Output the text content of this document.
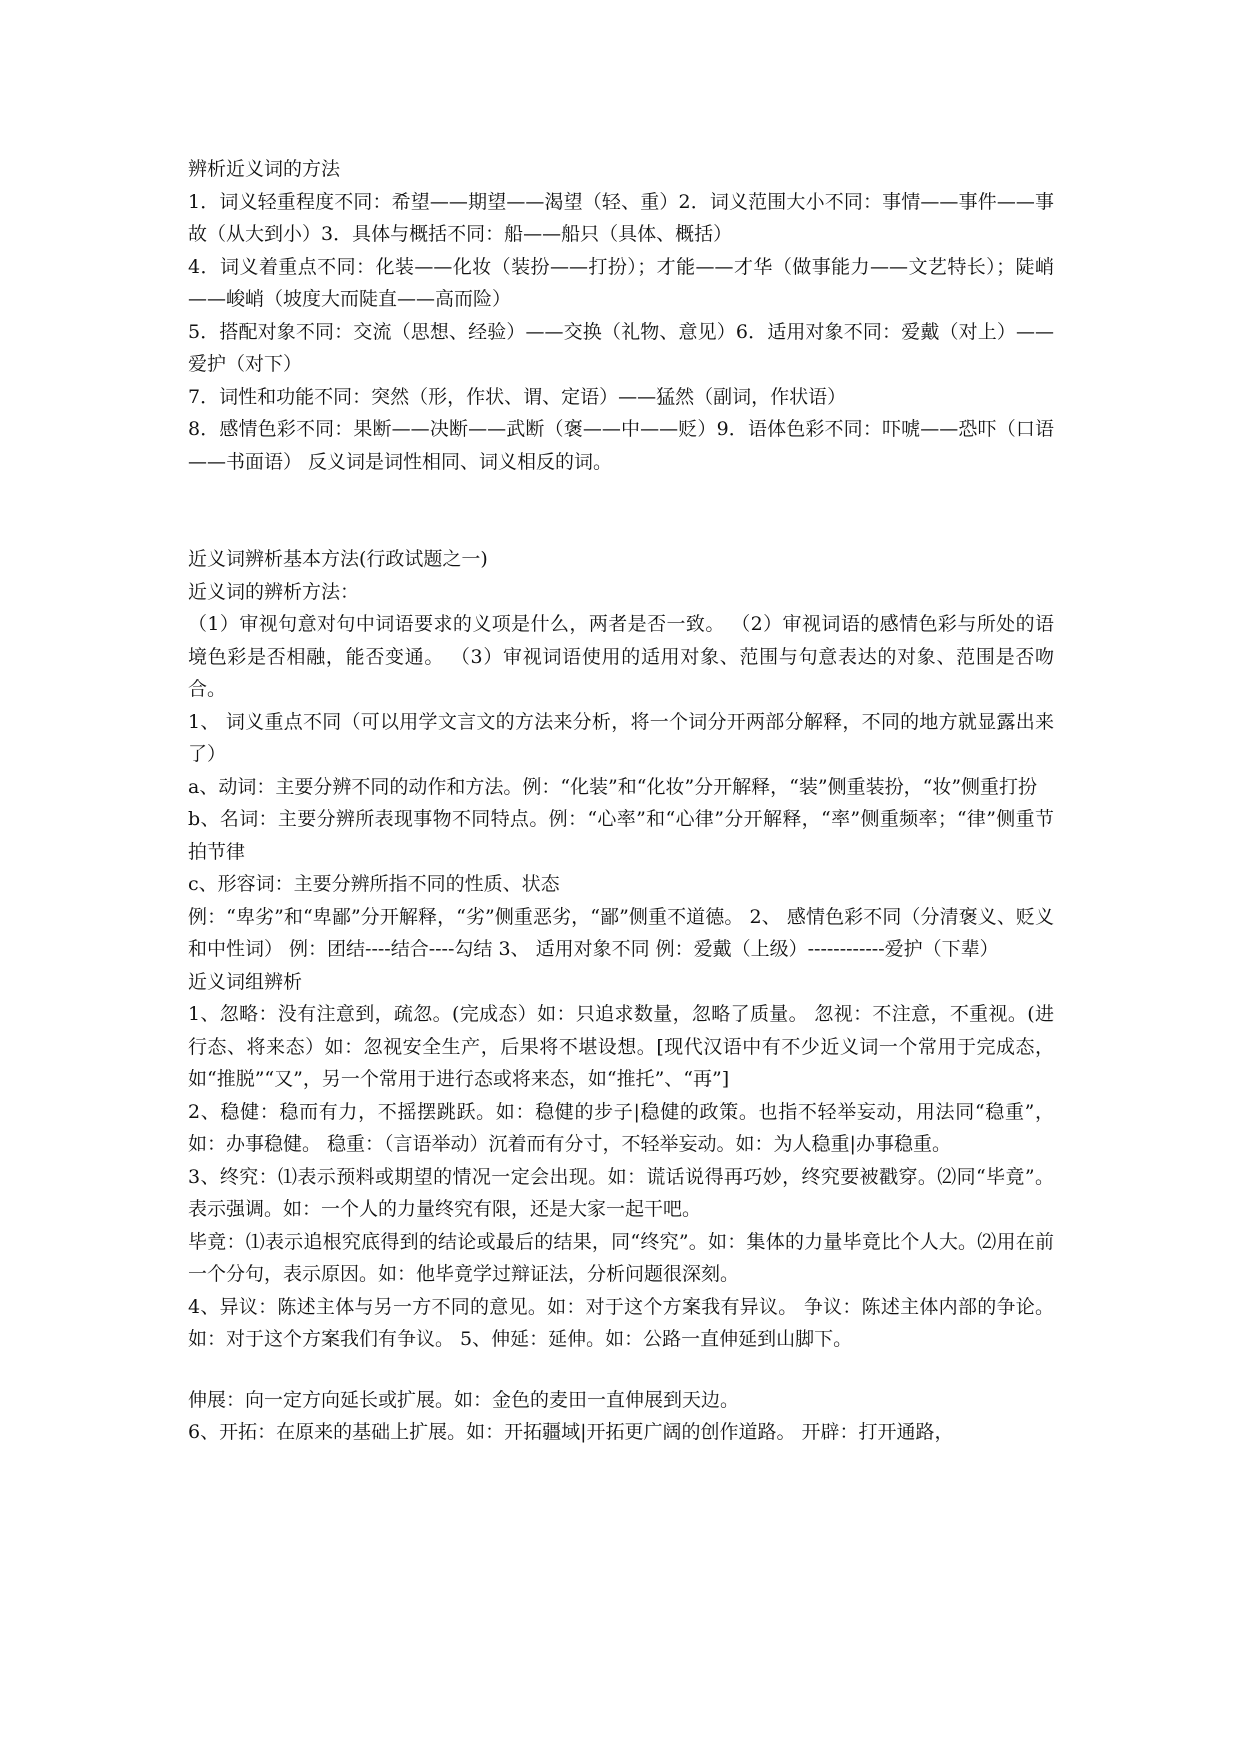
辨析近义词的方法

1．词义轻重程度不同：希望——期望——渴望（轻、重）2．词义范围大小不同：事情——事件——事故（从大到小）3．具体与概括不同：船——船只（具体、概括）

4．词义着重点不同：化装——化妆（装扮——打扮）；才能——才华（做事能力——文艺特长）；陡峭——峻峭（坡度大而陡直——高而险）

5．搭配对象不同：交流（思想、经验）——交换（礼物、意见）6．适用对象不同：爱戴（对上）——爱护（对下）

7．词性和功能不同：突然（形，作状、谓、定语）——猛然（副词，作状语）

8．感情色彩不同：果断——决断——武断（褒——中——贬）9．语体色彩不同：吓唬——恐吓（口语——书面语） 反义词是词性相同、词义相反的词。

近义词辨析基本方法(行政试题之一)

近义词的辨析方法：

（1）审视句意对句中词语要求的义项是什么，两者是否一致。 （2）审视词语的感情色彩与所处的语境色彩是否相融，能否变通。 （3）审视词语使用的适用对象、范围与句意表达的对象、范围是否吻合。

1、 词义重点不同（可以用学文言文的方法来分析，将一个词分开两部分解释，不同的地方就显露出来了）

a、动词：主要分辨不同的动作和方法。例：“化装”和“化妆”分开解释，“装”侧重装扮，“妆”侧重打扮

b、名词：主要分辨所表现事物不同特点。例：“心率”和“心律”分开解释，“率”侧重频率；“律”侧重节拍节律

c、形容词：主要分辨所指不同的性质、状态

例：“卑劣”和“卑鄙”分开解释，“劣”侧重恶劣，“鄙”侧重不道德。 2、 感情色彩不同（分清褒义、贬义和中性词） 例：团结----结合----勾结 3、 适用对象不同 例：爱戴（上级）------------爱护（下辈）

近义词组辨析

1、忽略：没有注意到，疏忽。(完成态）如：只追求数量，忽略了质量。 忽视：不注意，不重视。(进行态、将来态）如：忽视安全生产，后果将不堪设想。[现代汉语中有不少近义词一个常用于完成态，如“推脱”“又”，另一个常用于进行态或将来态，如“推托”、“再”]

2、稳健：稳而有力，不摇摆跳跃。如：稳健的步子|稳健的政策。也指不轻举妄动，用法同“稳重”，如：办事稳健。 稳重：（言语举动）沉着而有分寸，不轻举妄动。如：为人稳重|办事稳重。

3、终究：⑴表示预料或期望的情况一定会出现。如：谎话说得再巧妙，终究要被戳穿。⑵同“毕竟”。表示强调。如：一个人的力量终究有限，还是大家一起干吧。

毕竟：⑴表示追根究底得到的结论或最后的结果，同“终究”。如：集体的力量毕竟比个人大。⑵用在前一个分句，表示原因。如：他毕竟学过辩证法，分析问题很深刻。

4、异议：陈述主体与另一方不同的意见。如：对于这个方案我有异议。 争议：陈述主体内部的争论。如：对于这个方案我们有争议。 5、伸延：延伸。如：公路一直伸延到山脚下。

伸展：向一定方向延长或扩展。如：金色的麦田一直伸展到天边。

6、开拓：在原来的基础上扩展。如：开拓疆域|开拓更广阔的创作道路。 开辟：打开通路，
